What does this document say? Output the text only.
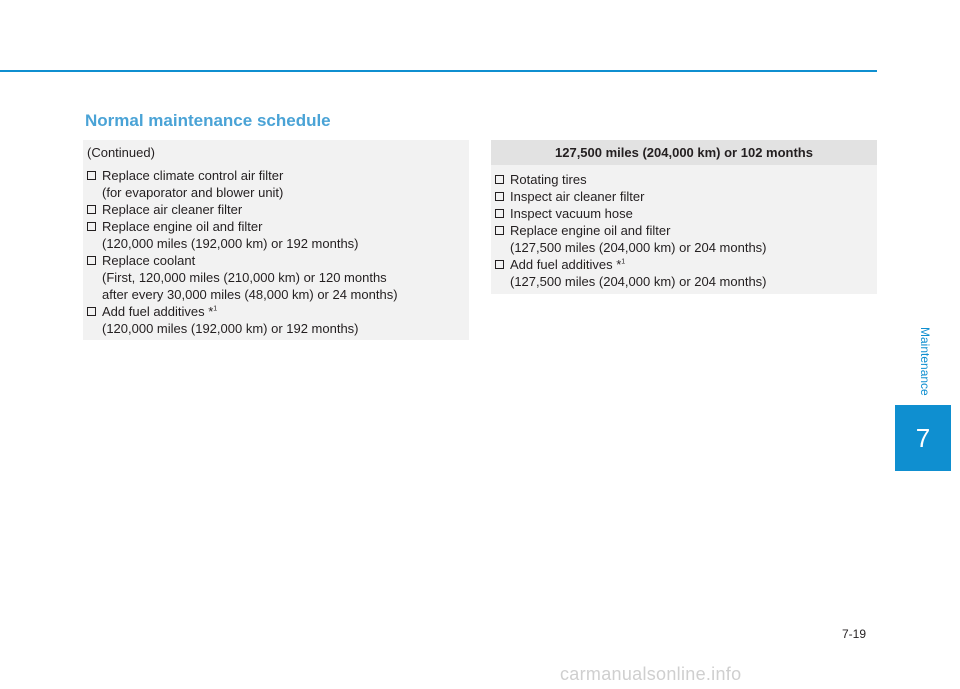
Normal maintenance schedule
(Continued)
Replace climate control air filter
(for evaporator and blower unit)
Replace air cleaner filter
Replace engine oil and filter
(120,000 miles (192,000 km) or 192 months)
Replace coolant
(First, 120,000 miles (210,000 km) or 120 months
after every 30,000 miles (48,000 km) or 24 months)
Add fuel additives *$^1$
(120,000 miles (192,000 km) or 192 months)
127,500 miles (204,000 km) or 102 months
Rotating tires
Inspect air cleaner filter
Inspect vacuum hose
Replace engine oil and filter
(127,500 miles (204,000 km) or 204 months)
Add fuel additives *$^1$
(127,500 miles (204,000 km) or 204 months)
Maintenance
7
7-19
carmanualsonline.info
